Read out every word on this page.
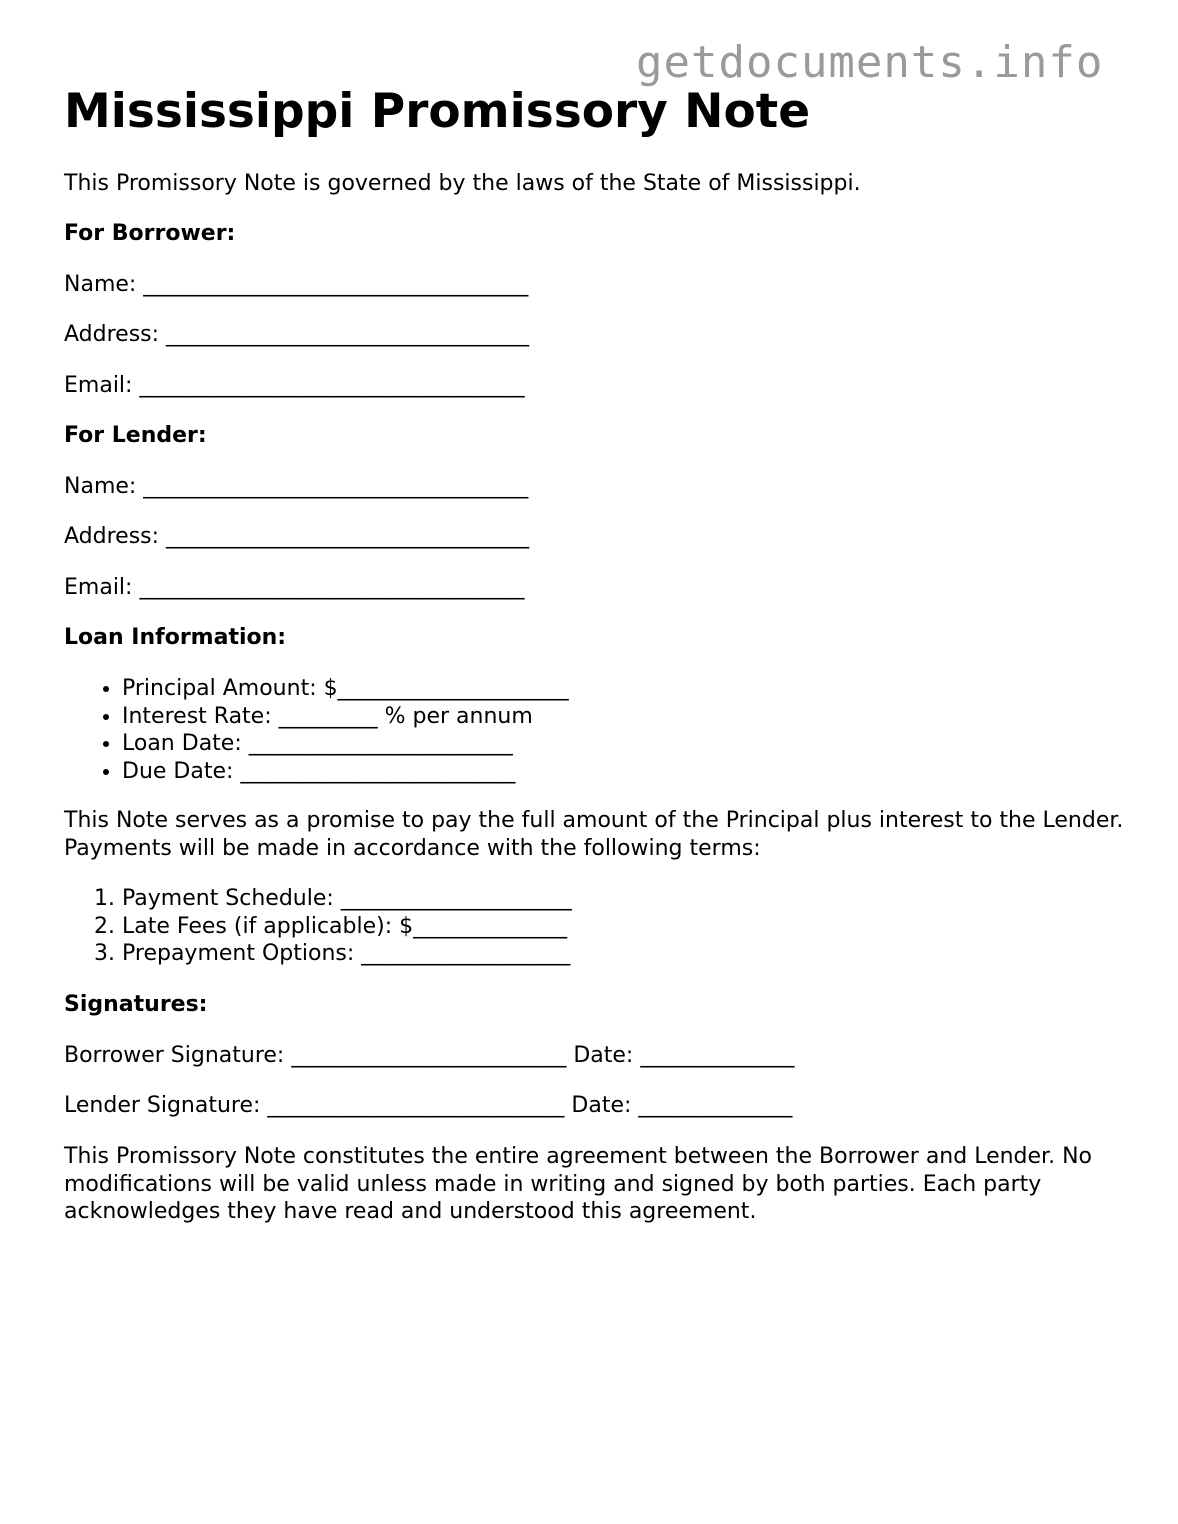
getdocuments.info
Mississippi Promissory Note

This Promissory Note is governed by the laws of the State of Mississippi.

For Borrower:

Name: ___________________________________

Address: _________________________________

Email: ___________________________________

For Lender:

Name: ___________________________________

Address: _________________________________

Email: ___________________________________

Loan Information:

• Principal Amount: $_____________________
• Interest Rate: _________ % per annum
• Loan Date: ________________________
• Due Date: _________________________

This Note serves as a promise to pay the full amount of the Principal plus interest to the Lender. Payments will be made in accordance with the following terms:

1. Payment Schedule: _____________________
2. Late Fees (if applicable): $______________
3. Prepayment Options: ___________________

Signatures:

Borrower Signature: _________________________ Date: ______________

Lender Signature: ___________________________ Date: ______________

This Promissory Note constitutes the entire agreement between the Borrower and Lender. No modifications will be valid unless made in writing and signed by both parties. Each party acknowledges they have read and understood this agreement.
